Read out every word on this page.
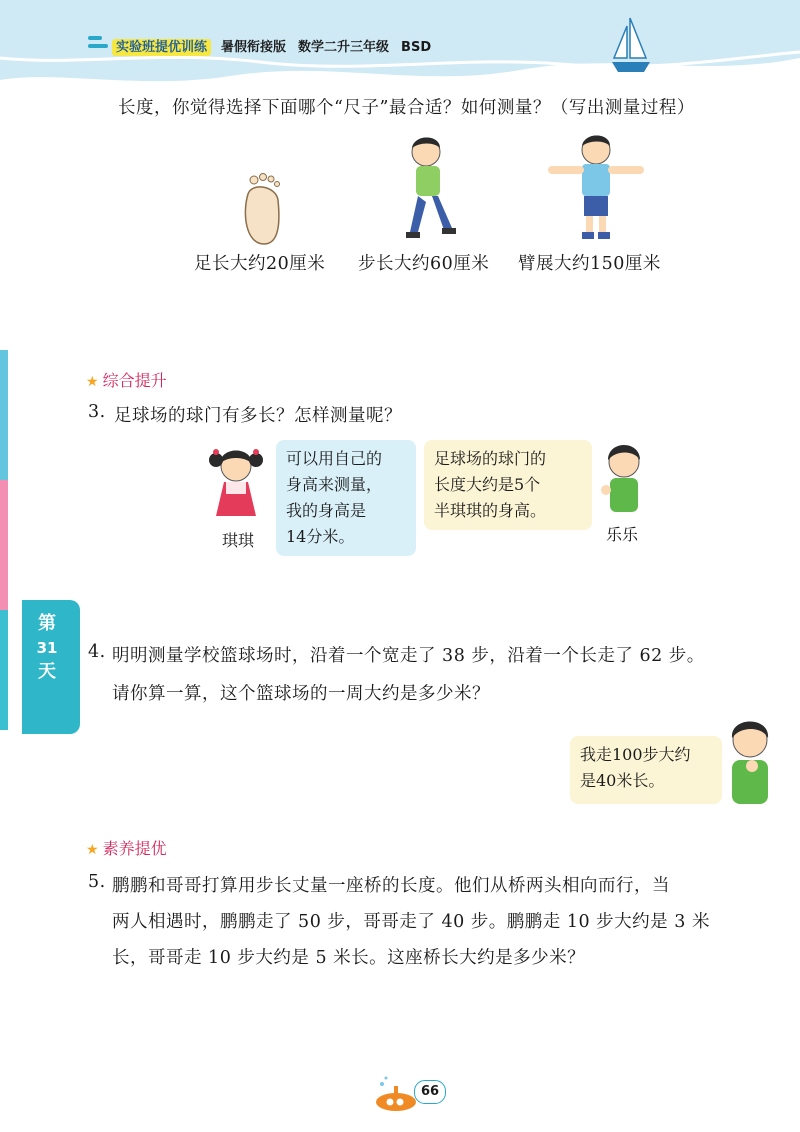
实验班提优训练 暑假衔接版 数学二升三年级 BSD
长度，你觉得选择下面哪个“尺子”最合适？如何测量？（写出测量过程）
足长大约20厘米 步长大约60厘米 臂展大约150厘米
★ 综合提升
3. 足球场的球门有多长？怎样测量呢？
琪琪
可以用自己的
身高来测量，
我的身高是
14分米。
足球场的球门的
长度大约是5个
半琪琪的身高。
乐乐
第
31
天
4. 明明测量学校篮球场时，沿着一个宽走了 38 步，沿着一个长走了 62 步。
请你算一算，这个篮球场的一周大约是多少米？
我走100步大约
是40米长。
★ 素养提优
5. 鹏鹏和哥哥打算用步长丈量一座桥的长度。他们从桥两头相向而行，当
两人相遇时，鹏鹏走了 50 步，哥哥走了 40 步。鹏鹏走 10 步大约是 3 米
长，哥哥走 10 步大约是 5 米长。这座桥长大约是多少米？
66
